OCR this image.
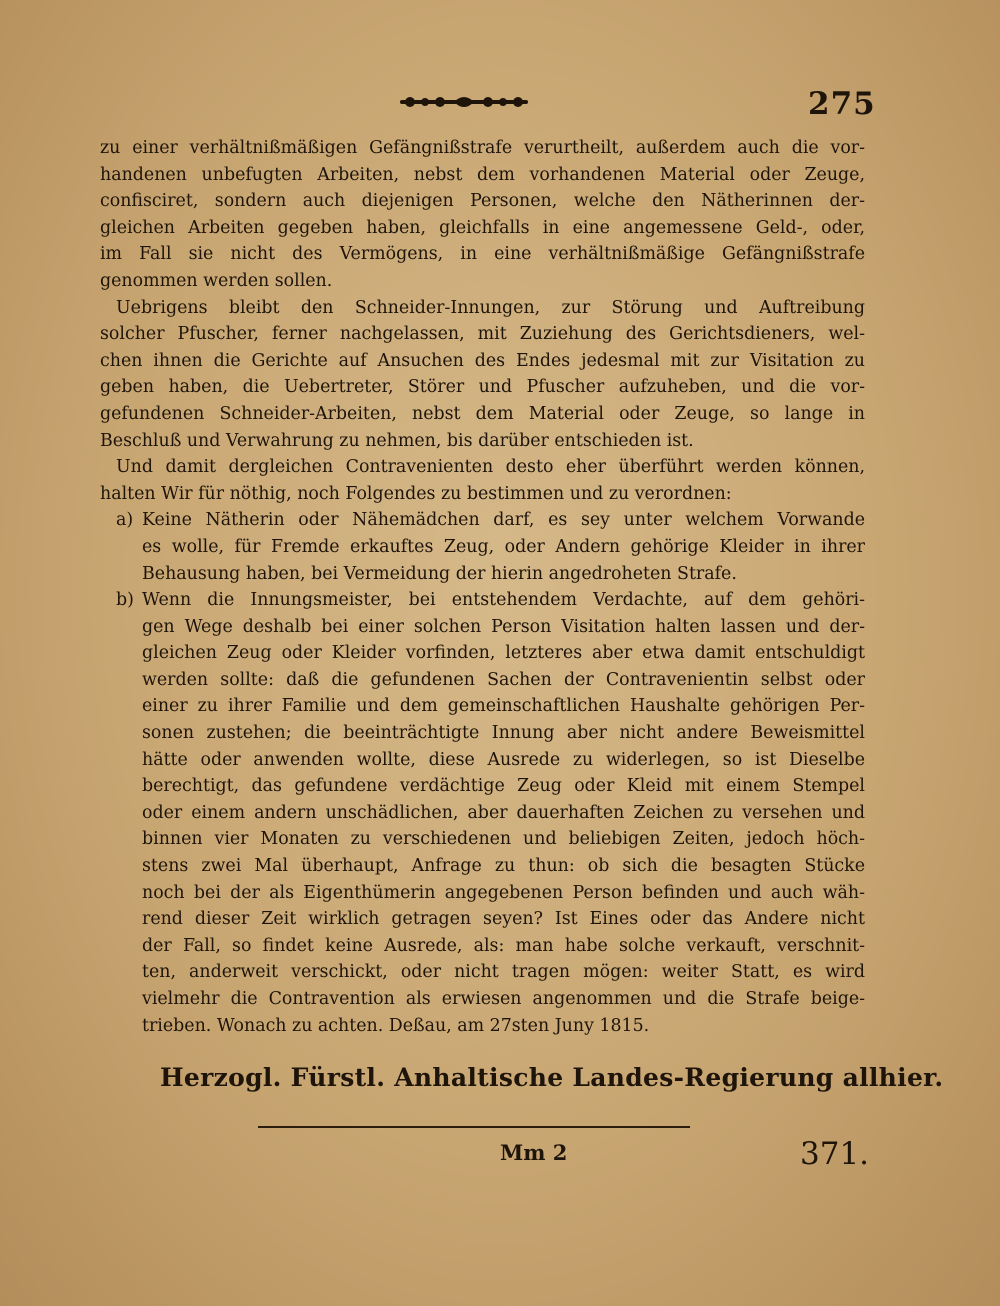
275
zu einer verhältnißmäßigen Gefängnißstrafe verurtheilt, außerdem auch die vor-
handenen unbefugten Arbeiten, nebst dem vorhandenen Material oder Zeuge,
confisciret, sondern auch diejenigen Personen, welche den Nätherinnen der-
gleichen Arbeiten gegeben haben, gleichfalls in eine angemessene Geld-, oder,
im Fall sie nicht des Vermögens, in eine verhältnißmäßige Gefängnißstrafe
genommen werden sollen.
Uebrigens bleibt den Schneider-Innungen, zur Störung und Auftreibung
solcher Pfuscher, ferner nachgelassen, mit Zuziehung des Gerichtsdieners, wel-
chen ihnen die Gerichte auf Ansuchen des Endes jedesmal mit zur Visitation zu
geben haben, die Uebertreter, Störer und Pfuscher aufzuheben, und die vor-
gefundenen Schneider-Arbeiten, nebst dem Material oder Zeuge, so lange in
Beschluß und Verwahrung zu nehmen, bis darüber entschieden ist.
Und damit dergleichen Contravenienten desto eher überführt werden können,
halten Wir für nöthig, noch Folgendes zu bestimmen und zu verordnen:
a) Keine Nätherin oder Nähemädchen darf, es sey unter welchem Vorwande
es wolle, für Fremde erkauftes Zeug, oder Andern gehörige Kleider in ihrer
Behausung haben, bei Vermeidung der hierin angedroheten Strafe.
b) Wenn die Innungsmeister, bei entstehendem Verdachte, auf dem gehöri-
gen Wege deshalb bei einer solchen Person Visitation halten lassen und der-
gleichen Zeug oder Kleider vorfinden, letzteres aber etwa damit entschuldigt
werden sollte: daß die gefundenen Sachen der Contravenientin selbst oder
einer zu ihrer Familie und dem gemeinschaftlichen Haushalte gehörigen Per-
sonen zustehen; die beeinträchtigte Innung aber nicht andere Beweismittel
hätte oder anwenden wollte, diese Ausrede zu widerlegen, so ist Dieselbe
berechtigt, das gefundene verdächtige Zeug oder Kleid mit einem Stempel
oder einem andern unschädlichen, aber dauerhaften Zeichen zu versehen und
binnen vier Monaten zu verschiedenen und beliebigen Zeiten, jedoch höch-
stens zwei Mal überhaupt, Anfrage zu thun: ob sich die besagten Stücke
noch bei der als Eigenthümerin angegebenen Person befinden und auch wäh-
rend dieser Zeit wirklich getragen seyen? Ist Eines oder das Andere nicht
der Fall, so findet keine Ausrede, als: man habe solche verkauft, verschnit-
ten, anderweit verschickt, oder nicht tragen mögen: weiter Statt, es wird
vielmehr die Contravention als erwiesen angenommen und die Strafe beige-
trieben. Wonach zu achten. Deßau, am 27sten Juny 1815.
Herzogl. Fürstl. Anhaltische Landes-Regierung allhier.
Mm 2	371.
